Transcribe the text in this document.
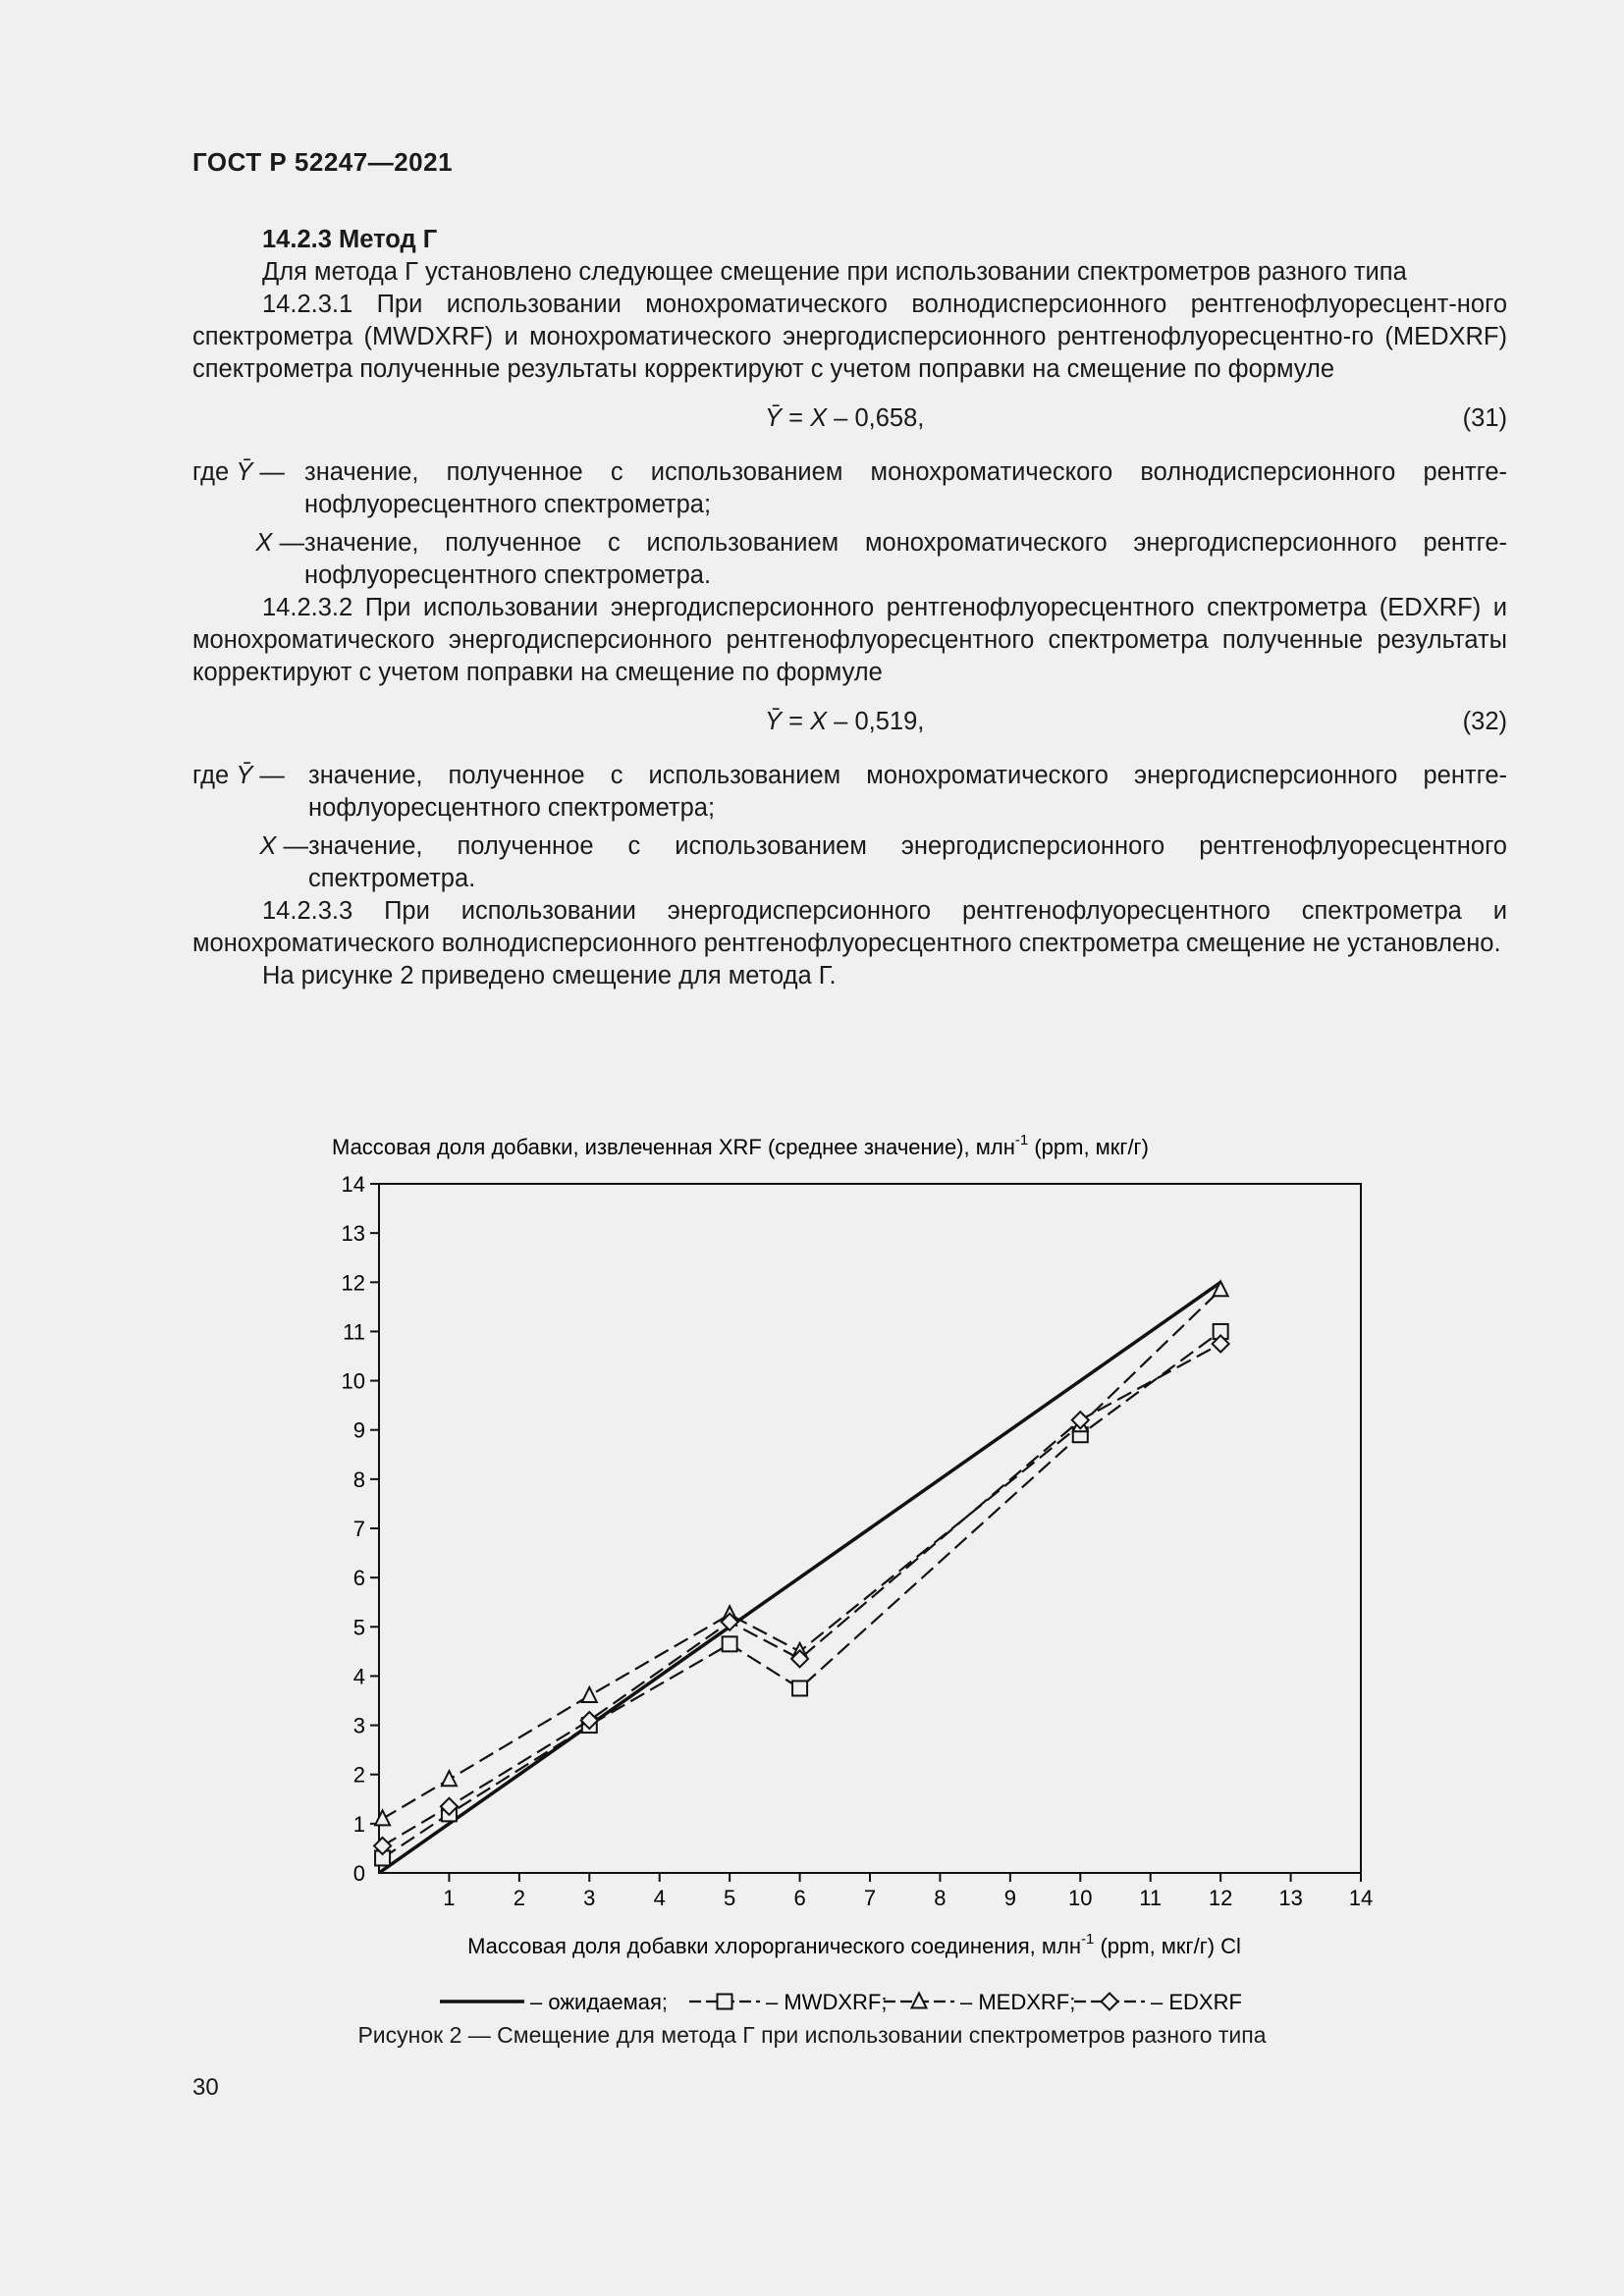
ГОСТ Р 52247—2021

14.2.3 Метод Г

Для метода Г установлено следующее смещение при использовании спектрометров разного типа

14.2.3.1 При использовании монохроматического волнодисперсионного рентгенофлуоресцент-ного спектрометра (MWDXRF) и монохроматического энергодисперсионного рентгенофлуоресцентно-го (MEDXRF) спектрометра полученные результаты корректируют с учетом поправки на смещение по формуле

Ȳ = X – 0,658,	(31)
где Ȳ — значение, полученное с использованием монохроматического волнодисперсионного рентге-нофлуоресцентного спектрометра;
X — значение, полученное с использованием монохроматического энергодисперсионного рентге-нофлуоресцентного спектрометра.

14.2.3.2 При использовании энергодисперсионного рентгенофлуоресцентного спектрометра (EDXRF) и монохроматического энергодисперсионного рентгенофлуоресцентного спектрометра полученные результаты корректируют с учетом поправки на смещение по формуле

Ȳ = X – 0,519,	(32)
где Ȳ — значение, полученное с использованием монохроматического энергодисперсионного рентге-нофлуоресцентного спектрометра;
X — значение, полученное с использованием энергодисперсионного рентгенофлуоресцентного спектрометра.

14.2.3.3 При использовании энергодисперсионного рентгенофлуоресцентного спектрометра и монохроматического волнодисперсионного рентгенофлуоресцентного спектрометра смещение не установлено.

На рисунке 2 приведено смещение для метода Г.

Массовая доля добавки, извлеченная XRF (среднее значение), млн$^{-1}$ (ppm, мкг/г)
0
1
2
3
4
5
6
7
8
9
10
11
12
13
14
1	2	3	4	5	6	7	8	9 10 11 12 13 14
Массовая доля добавки хлорорганического соединения, млн$^{-1}$ (ppm, мкг/г) Cl
– ожидаемая;	– MWDXRF;	– MEDXRF;	– EDXRF
Рисунок 2 — Смещение для метода Г при использовании спектрометров разного типа
30
